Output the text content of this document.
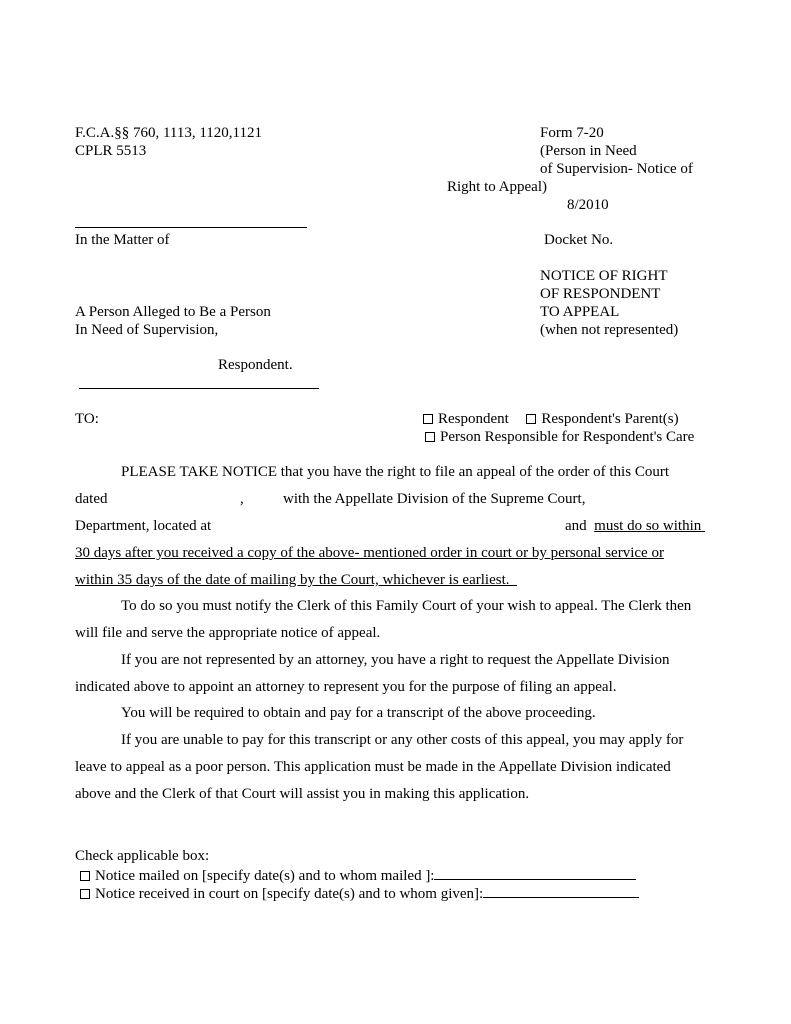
F.C.A.§§ 760, 1113, 1120,1121
CPLR 5513
Form 7-20
(Person in Need
of Supervision- Notice of
Right to Appeal)
8/2010
In the Matter of	Docket No.
NOTICE OF RIGHT
OF RESPONDENT
TO APPEAL
(when not represented)
A Person Alleged to Be a Person
In Need of Supervision,
Respondent.
TO:	Respondent Respondent's Parent(s)
Person Responsible for Respondent's Care
PLEASE TAKE NOTICE that you have the right to file an appeal of the order of this Court
dated	,	with the Appellate Division of the Supreme Court,
Department, located at	and must do so within
30 days after you received a copy of the above- mentioned order in court or by personal service or
within 35 days of the date of mailing by the Court, whichever is earliest.
To do so you must notify the Clerk of this Family Court of your wish to appeal. The Clerk then
will file and serve the appropriate notice of appeal.
If you are not represented by an attorney, you have a right to request the Appellate Division
indicated above to appoint an attorney to represent you for the purpose of filing an appeal.
You will be required to obtain and pay for a transcript of the above proceeding.
If you are unable to pay for this transcript or any other costs of this appeal, you may apply for
leave to appeal as a poor person. This application must be made in the Appellate Division indicated
above and the Clerk of that Court will assist you in making this application.
Check applicable box:
Notice mailed on [specify date(s) and to whom mailed ]:
Notice received in court on [specify date(s) and to whom given]:
